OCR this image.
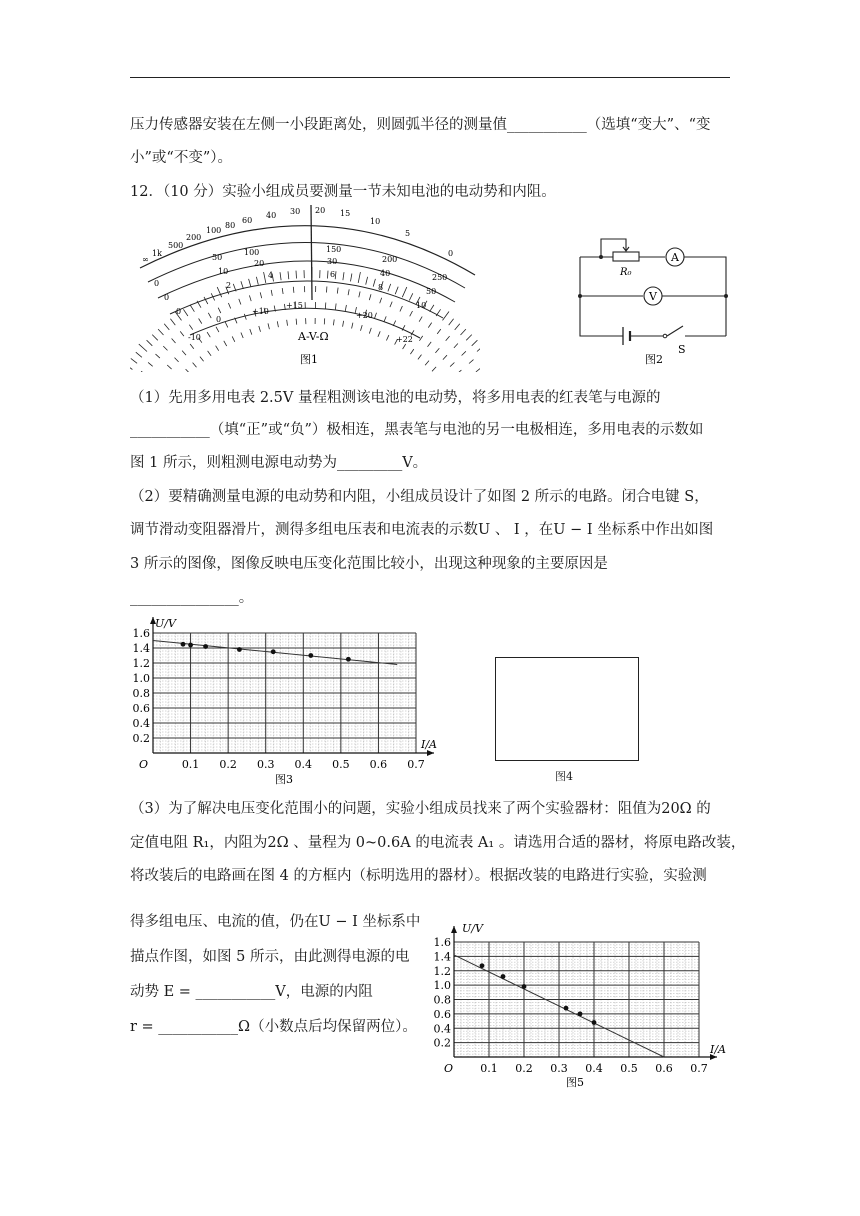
压力传感器安装在左侧一小段距离处，则圆弧半径的测量值___________（选填“变大”、“变
小”或“不变”）。
12．（10 分）实验小组成员要测量一节未知电池的电动势和内阻。
A-V-Ω
图1
∞
1k
500
200
100
80
60
40 30 20 15
10
5
0
0
50
100	150
200
250
0
10
20	30
40
50
0
2
4	6
8
10
-10
0
+10
+15
+20
+22
A
V
R₀
S
图2
（1）先用多用电表 2.5V 量程粗测该电池的电动势，将多用电表的红表笔与电源的
___________（填“正”或“负”）极相连，黑表笔与电池的另一电极相连，多用电表的示数如
图 1 所示，则粗测电源电动势为_________V。
（2）要精确测量电源的电动势和内阻，小组成员设计了如图 2 所示的电路。闭合电键 S，
调节滑动变阻器滑片，测得多组电压表和电流表的示数U 、 I ，在U − I 坐标系中作出如图
3 所示的图像，图像反映电压变化范围比较小，出现这种现象的主要原因是
_______________。
0.2
0.4
0.6
0.8
1.0
1.2
1.4
1.6
0.1 0.2 0.3 0.4 0.5 0.6 0.7
U/V
I/A
O
图3	图4
（3）为了解决电压变化范围小的问题，实验小组成员找来了两个实验器材：阻值为20Ω 的
定值电阻 R₁，内阻为2Ω 、量程为 0~0.6A 的电流表 A₁ 。请选用合适的器材，将原电路改装，
将改装后的电路画在图 4 的方框内（标明选用的器材）。根据改装的电路进行实验，实验测
得多组电压、电流的值，仍在U − I 坐标系中
描点作图，如图 5 所示，由此测得电源的电
动势 E = ___________V，电源的内阻
r = ___________Ω（小数点后均保留两位）。
0.2
0.4
0.6
0.8
1.0
1.2
1.4
1.6
0.1 0.2 0.3 0.4 0.5 0.6 0.7
U/V
I/A
O
图5
